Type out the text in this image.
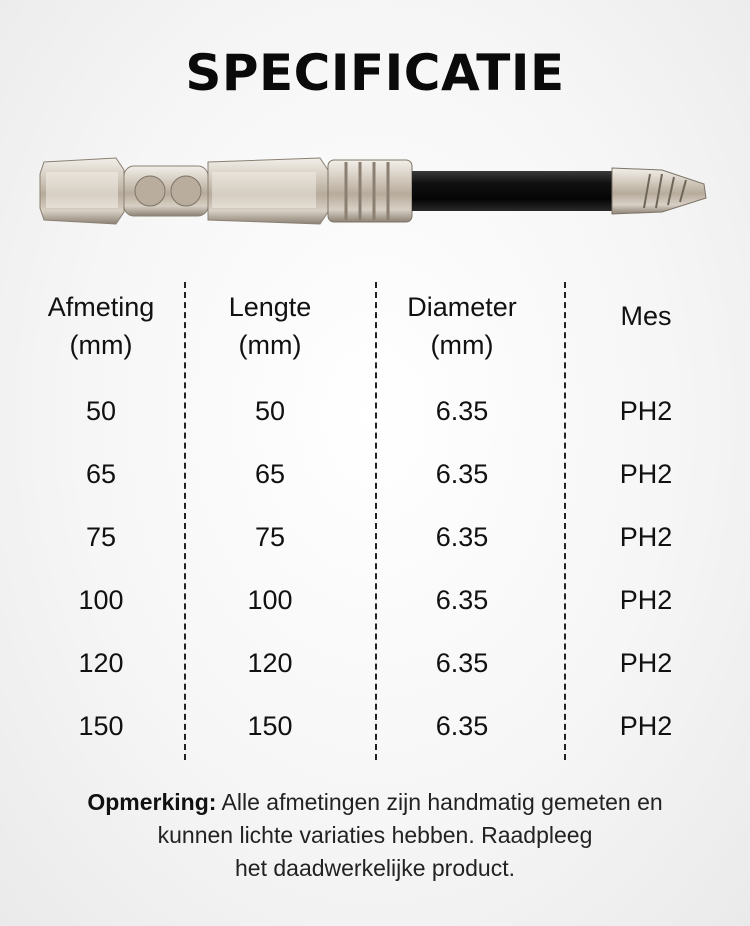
SPECIFICATIE
Afmeting
(mm)
50
65
75
100
120
150
Lengte
(mm)
50
65
75
100
120
150
Diameter
(mm)
6.35
6.35
6.35
6.35
6.35
6.35
Mes
PH2
PH2
PH2
PH2
PH2
PH2
Opmerking: Alle afmetingen zijn handmatig gemeten en
kunnen lichte variaties hebben. Raadpleeg
het daadwerkelijke product.
